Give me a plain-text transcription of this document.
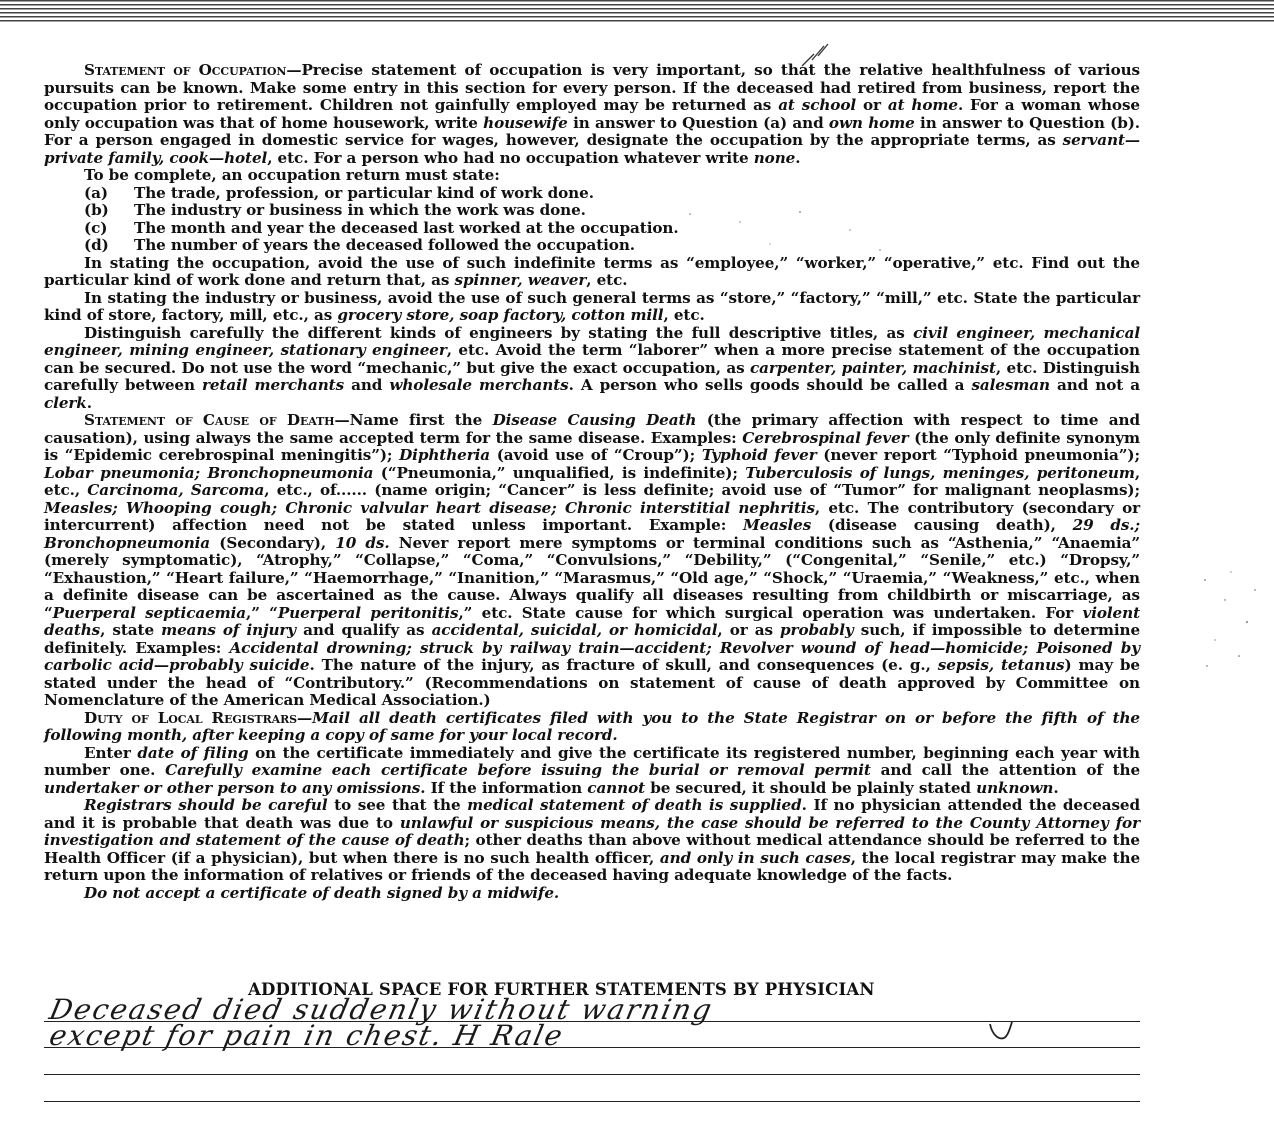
Statement of Occupation—Precise statement of occupation is very important, so that the relative healthfulness of various pursuits can be known. Make some entry in this section for every person. If the deceased had retired from business, report the occupation prior to retirement. Children not gainfully employed may be returned as at school or at home. For a woman whose only occupation was that of home housework, write housewife in answer to Question (a) and own home in answer to Question (b). For a person engaged in domestic service for wages, however, designate the occupation by the appropriate terms, as servant—private family, cook—hotel, etc. For a person who had no occupation whatever write none.

To be complete, an occupation return must state:

(a)	The trade, profession, or particular kind of work done.
(b)	The industry or business in which the work was done.
(c)	The month and year the deceased last worked at the occupation.
(d)	The number of years the deceased followed the occupation.

In stating the occupation, avoid the use of such indefinite terms as “employee,” “worker,” “operative,” etc. Find out the particular kind of work done and return that, as spinner, weaver, etc.

In stating the industry or business, avoid the use of such general terms as “store,” “factory,” “mill,” etc. State the particular kind of store, factory, mill, etc., as grocery store, soap factory, cotton mill, etc.

Distinguish carefully the different kinds of engineers by stating the full descriptive titles, as civil engineer, mechanical engineer, mining engineer, stationary engineer, etc. Avoid the term “laborer” when a more precise statement of the occupation can be secured. Do not use the word “mechanic,” but give the exact occupation, as carpenter, painter, machinist, etc. Distinguish carefully between retail merchants and wholesale merchants. A person who sells goods should be called a salesman and not a clerk.

Statement of Cause of Death—Name first the Disease Causing Death (the primary affection with respect to time and causation), using always the same accepted term for the same disease. Examples: Cerebrospinal fever (the only definite synonym is “Epidemic cerebrospinal meningitis”); Diphtheria (avoid use of “Croup”); Typhoid fever (never report “Typhoid pneumonia”); Lobar pneumonia; Bronchopneumonia (“Pneumonia,” unqualified, is indefinite); Tuberculosis of lungs, meninges, peritoneum, etc., Carcinoma, Sarcoma, etc., of...... (name origin; “Cancer” is less definite; avoid use of “Tumor” for malignant neoplasms); Measles; Whooping cough; Chronic valvular heart disease; Chronic interstitial nephritis, etc. The contributory (secondary or intercurrent) affection need not be stated unless important. Example: Measles (disease causing death), 29 ds.; Bronchopneumonia (Secondary), 10 ds. Never report mere symptoms or terminal conditions such as “Asthenia,” “Anaemia” (merely symptomatic), “Atrophy,” “Collapse,” “Coma,” “Convulsions,” “Debility,” (“Congenital,” “Senile,” etc.) “Dropsy,” “Exhaustion,” “Heart failure,” “Haemorrhage,” “Inanition,” “Marasmus,” “Old age,” “Shock,” “Uraemia,” “Weakness,” etc., when a definite disease can be ascertained as the cause. Always qualify all diseases resulting from childbirth or miscarriage, as “Puerperal septicaemia,” “Puerperal peritonitis,” etc. State cause for which surgical operation was undertaken. For violent deaths, state means of injury and qualify as accidental, suicidal, or homicidal, or as probably such, if impossible to determine definitely. Examples: Accidental drowning; struck by railway train—accident; Revolver wound of head—homicide; Poisoned by carbolic acid—probably suicide. The nature of the injury, as fracture of skull, and consequences (e. g., sepsis, tetanus) may be stated under the head of “Contributory.” (Recommendations on statement of cause of death approved by Committee on Nomenclature of the American Medical Association.)

Duty of Local Registrars—Mail all death certificates filed with you to the State Registrar on or before the fifth of the following month, after keeping a copy of same for your local record.

Enter date of filing on the certificate immediately and give the certificate its registered number, beginning each year with number one. Carefully examine each certificate before issuing the burial or removal permit and call the attention of the undertaker or other person to any omissions. If the information cannot be secured, it should be plainly stated unknown.

Registrars should be careful to see that the medical statement of death is supplied. If no physician attended the deceased and it is probable that death was due to unlawful or suspicious means, the case should be referred to the County Attorney for investigation and statement of the cause of death; other deaths than above without medical attendance should be referred to the Health Officer (if a physician), but when there is no such health officer, and only in such cases, the local registrar may make the return upon the information of relatives or friends of the deceased having adequate knowledge of the facts.

Do not accept a certificate of death signed by a midwife.

ADDITIONAL SPACE FOR FURTHER STATEMENTS BY PHYSICIAN
Deceased died suddenly without warning
except for pain in chest. H Rale
